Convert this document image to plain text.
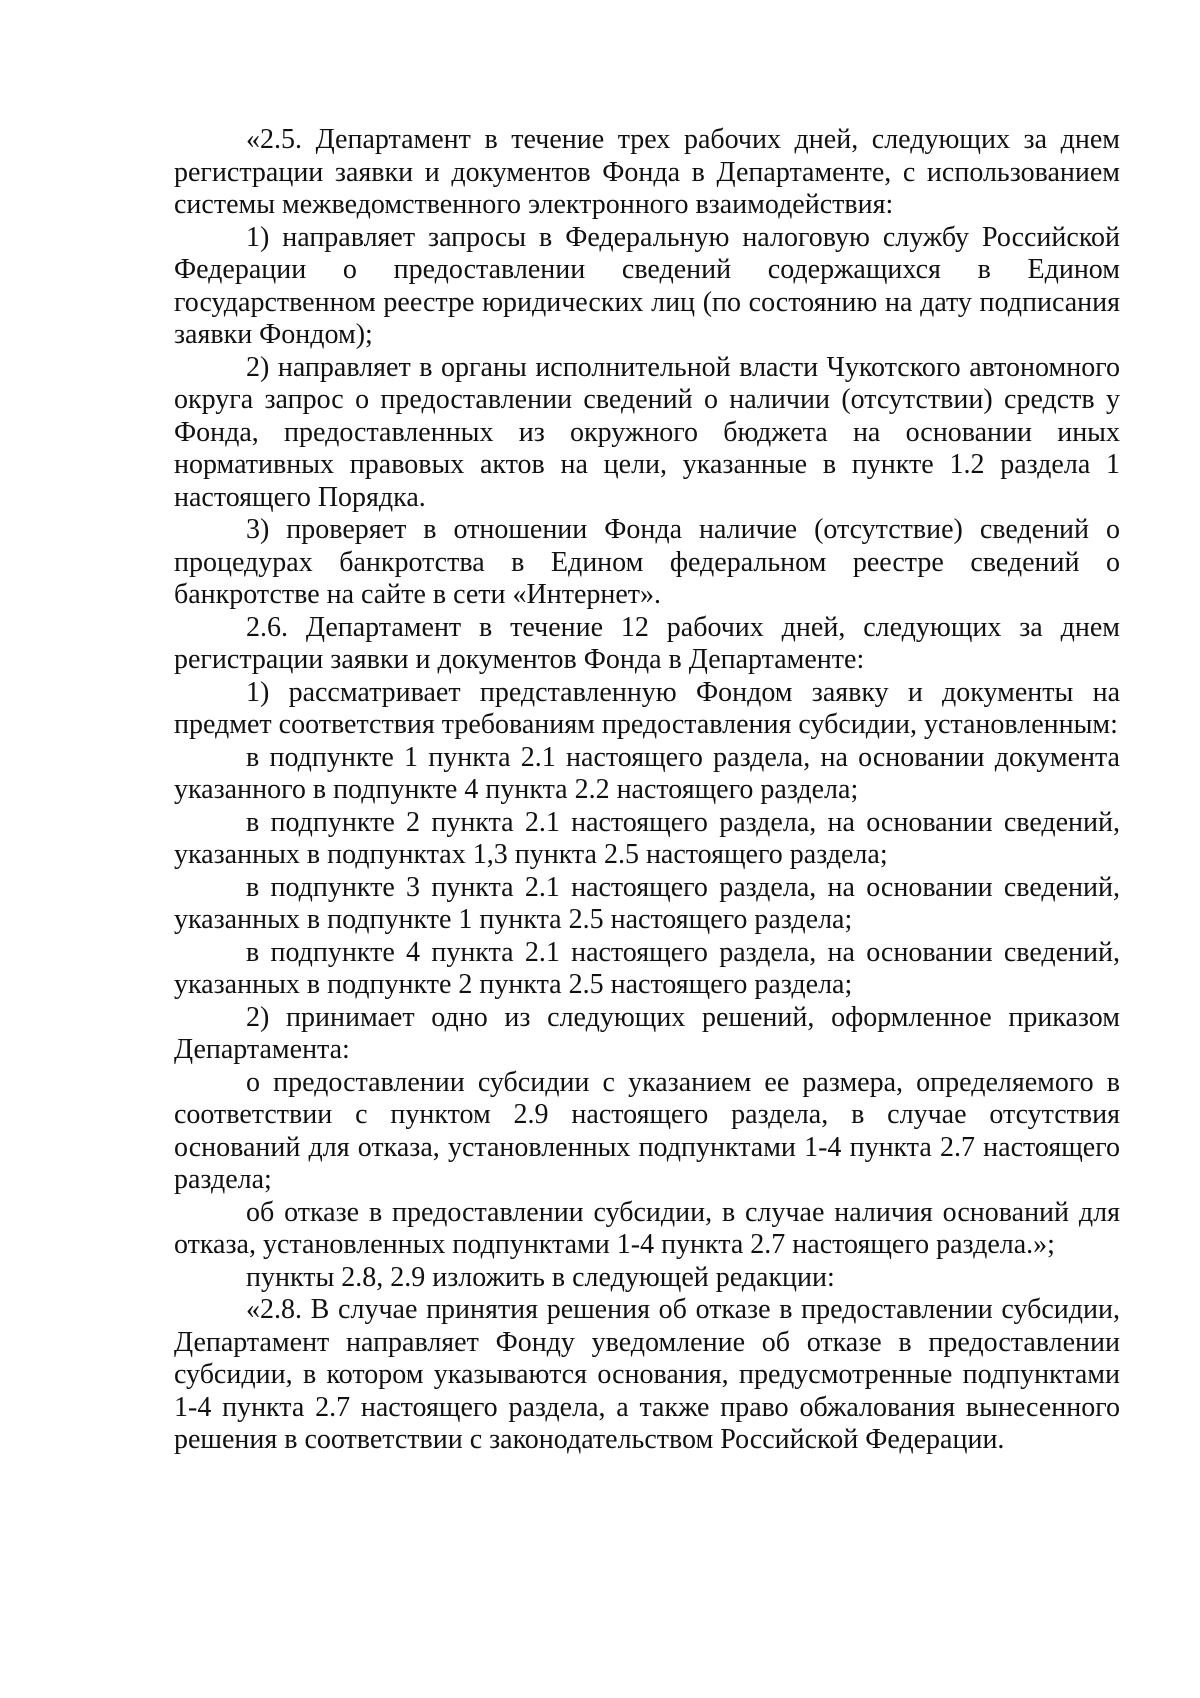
«2.5. Департамент в течение трех рабочих дней, следующих за днем регистрации заявки и документов Фонда в Департаменте, с использованием системы межведомственного электронного взаимодействия:

1) направляет запросы в Федеральную налоговую службу Российской Федерации о предоставлении сведений содержащихся в Едином государственном реестре юридических лиц (по состоянию на дату подписания заявки Фондом);

2) направляет в органы исполнительной власти Чукотского автономного округа запрос о предоставлении сведений о наличии (отсутствии) средств у Фонда, предоставленных из окружного бюджета на основании иных нормативных правовых актов на цели, указанные в пункте 1.2 раздела 1 настоящего Порядка.

3) проверяет в отношении Фонда наличие (отсутствие) сведений о процедурах банкротства в Едином федеральном реестре сведений о банкротстве на сайте в сети «Интернет».

2.6. Департамент в течение 12 рабочих дней, следующих за днем регистрации заявки и документов Фонда в Департаменте:

1) рассматривает представленную Фондом заявку и документы на предмет соответствия требованиям предоставления субсидии, установленным:

в подпункте 1 пункта 2.1 настоящего раздела, на основании документа указанного в подпункте 4 пункта 2.2 настоящего раздела;

в подпункте 2 пункта 2.1 настоящего раздела, на основании сведений, указанных в подпунктах 1,3 пункта 2.5 настоящего раздела;

в подпункте 3 пункта 2.1 настоящего раздела, на основании сведений, указанных в подпункте 1 пункта 2.5 настоящего раздела;

в подпункте 4 пункта 2.1 настоящего раздела, на основании сведений, указанных в подпункте 2 пункта 2.5 настоящего раздела;

2) принимает одно из следующих решений, оформленное приказом Департамента:

о предоставлении субсидии с указанием ее размера, определяемого в соответствии с пунктом 2.9 настоящего раздела, в случае отсутствия оснований для отказа, установленных подпунктами 1-4 пункта 2.7 настоящего раздела;

об отказе в предоставлении субсидии, в случае наличия оснований для отказа, установленных подпунктами 1-4 пункта 2.7 настоящего раздела.»;

пункты 2.8, 2.9 изложить в следующей редакции:

«2.8. В случае принятия решения об отказе в предоставлении субсидии, Департамент направляет Фонду уведомление об отказе в предоставлении субсидии, в котором указываются основания, предусмотренные подпунктами 1-4 пункта 2.7 настоящего раздела, а также право обжалования вынесенного решения в соответствии с законодательством Российской Федерации.
